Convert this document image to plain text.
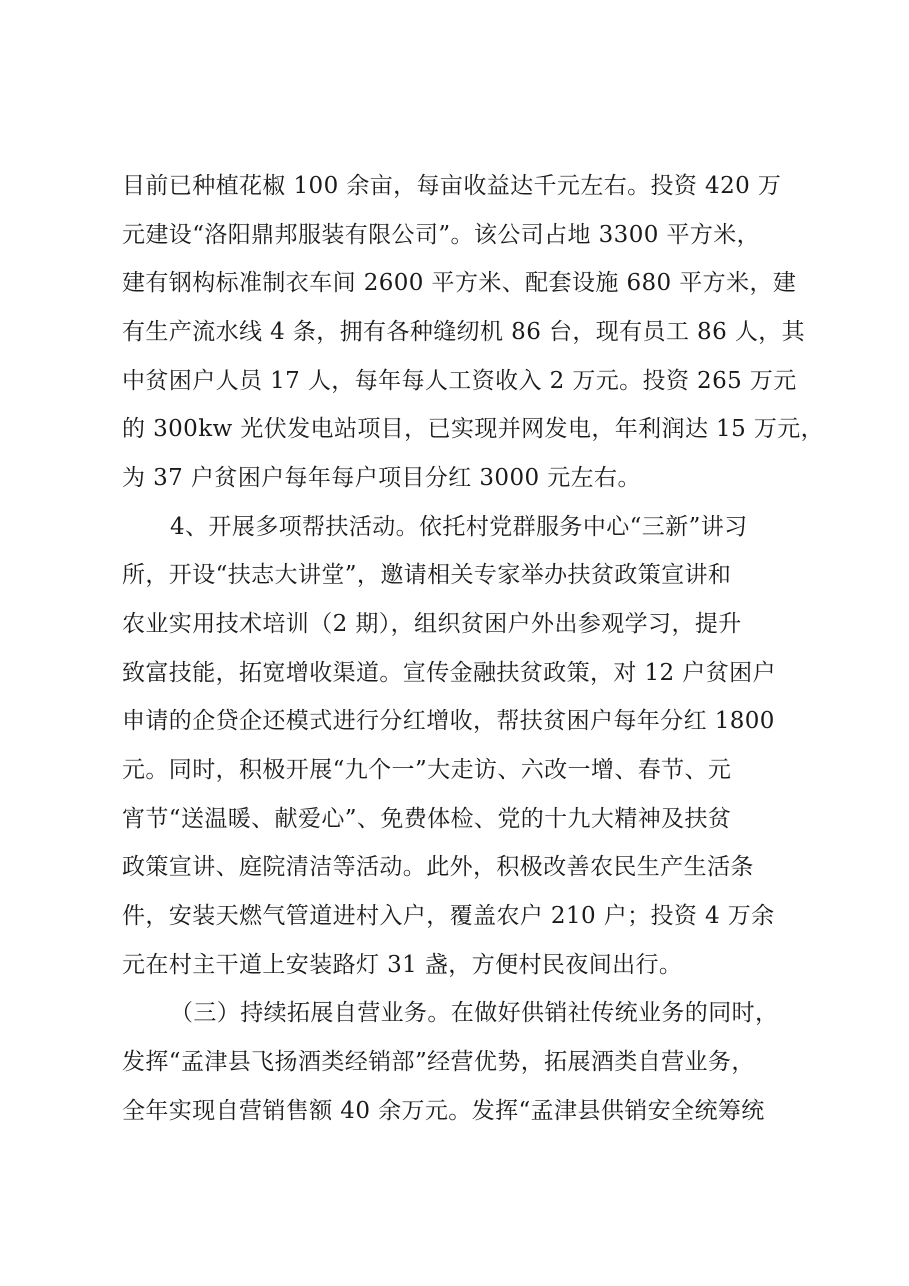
目前已种植花椒 100 余亩，每亩收益达千元左右。投资 420 万
元建设“洛阳鼎邦服装有限公司”。该公司占地 3300 平方米，
建有钢构标准制衣车间 2600 平方米、配套设施 680 平方米，建
有生产流水线 4 条，拥有各种缝纫机 86 台，现有员工 86 人，其
中贫困户人员 17 人，每年每人工资收入 2 万元。投资 265 万元
的 300kw 光伏发电站项目，已实现并网发电，年利润达 15 万元，
为 37 户贫困户每年每户项目分红 3000 元左右。
4、开展多项帮扶活动。依托村党群服务中心“三新”讲习
所，开设“扶志大讲堂”，邀请相关专家举办扶贫政策宣讲和
农业实用技术培训（2 期），组织贫困户外出参观学习，提升
致富技能，拓宽增收渠道。宣传金融扶贫政策，对 12 户贫困户
申请的企贷企还模式进行分红增收，帮扶贫困户每年分红 1800
元。同时，积极开展“九个一”大走访、六改一增、春节、元
宵节“送温暖、献爱心”、免费体检、党的十九大精神及扶贫
政策宣讲、庭院清洁等活动。此外，积极改善农民生产生活条
件，安装天燃气管道进村入户，覆盖农户 210 户；投资 4 万余
元在村主干道上安装路灯 31 盏，方便村民夜间出行。
（三）持续拓展自营业务。在做好供销社传统业务的同时，
发挥“孟津县飞扬酒类经销部”经营优势，拓展酒类自营业务，
全年实现自营销售额 40 余万元。发挥“孟津县供销安全统筹统
